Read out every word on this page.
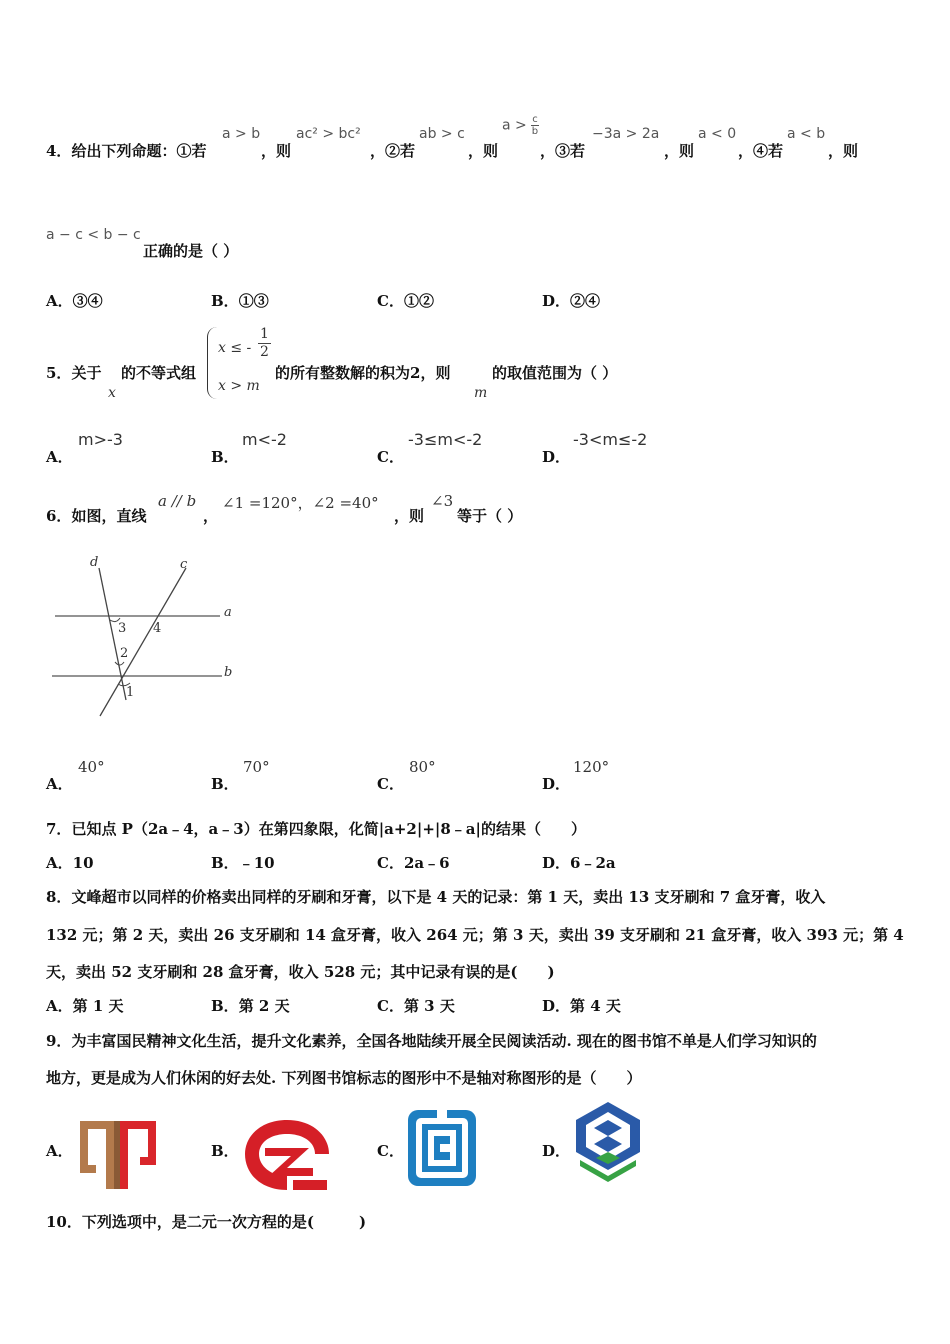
4．给出下列命题：①若
a > b
，则
ac² > bc²
，②若
ab > c
，则
$a > \frac{c}{b}$
，③若
−3a > 2a
，则
a < 0
，④若
a < b
，则
a − c < b − c
正确的是（ ）
A．③④	B．①③	C．①②	D．②④
5．关于
x
的不等式组
x ≤ - $\frac{1}{2}$
x > m
的所有整数解的积为2，则
m
的取值范围为（ ）
A．
m>-3
B．
m<-2
C．
-3≤m<-2
D．
-3<m≤-2
6．如图，直线
a // b
，
∠1 =120°，∠2 =40°
，则
∠3
等于（ ）
d	c
a
b
3 4
2
1
A．
40°
B．
70°
C．
80°
D．
120°
7．已知点 P（2a﹣4，a﹣3）在第四象限，化简|a+2|+|8﹣a|的结果（　　）
A．10	B．﹣10	C．2a﹣6	D．6﹣2a
8．文峰超市以同样的价格卖出同样的牙刷和牙膏，以下是 4 天的记录：第 1 天，卖出 13 支牙刷和 7 盒牙膏，收入
132 元；第 2 天，卖出 26 支牙刷和 14 盒牙膏，收入 264 元；第 3 天，卖出 39 支牙刷和 21 盒牙膏，收入 393 元；第 4
天，卖出 52 支牙刷和 28 盒牙膏，收入 528 元；其中记录有误的是(　　)
A．第 1 天	B．第 2 天	C．第 3 天	D．第 4 天
9．为丰富国民精神文化生活，提升文化素养，全国各地陆续开展全民阅读活动. 现在的图书馆不单是人们学习知识的
地方，更是成为人们休闲的好去处. 下列图书馆标志的图形中不是轴对称图形的是（　　）
A．	B．	C．	D．
10．下列选项中，是二元一次方程的是(　　　)
